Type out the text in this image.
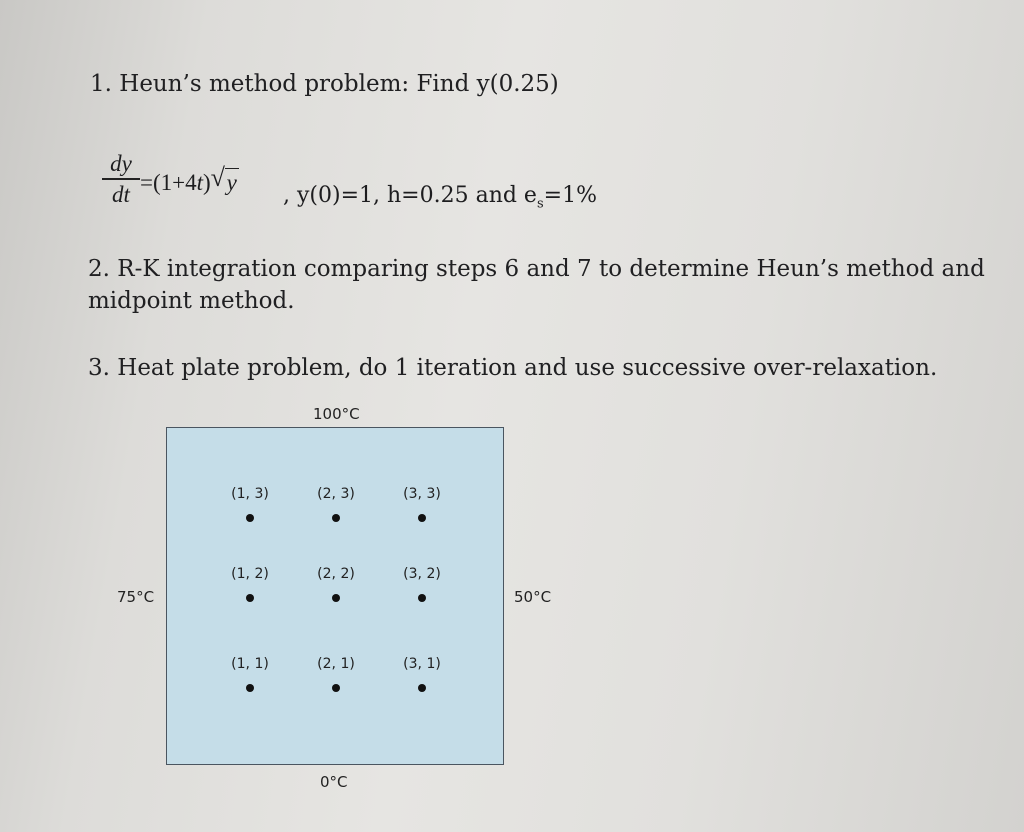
1. Heun’s method problem: Find y(0.25)
dy
dt =(1+4t) √ y
, y(0)=1, h=0.25 and $e_s=1\%$
2. R-K integration comparing steps 6 and 7 to determine Heun’s method and midpoint method.
3. Heat plate problem, do 1 iteration and use successive over-relaxation.
100°C
0°C
75°C	50°C
(1, 3)	(2, 3)	(3, 3)
(1, 2)	(2, 2)	(3, 2)
(1, 1)	(2, 1)	(3, 1)
